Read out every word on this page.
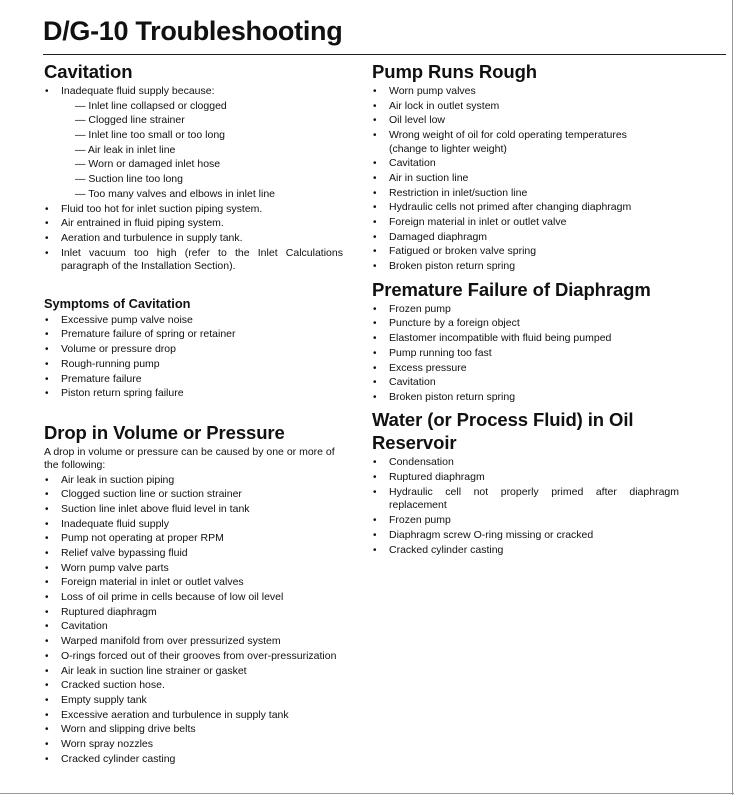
D/G-10 Troubleshooting
Cavitation
• Inadequate fluid supply because:
— Inlet line collapsed or clogged
— Clogged line strainer
— Inlet line too small or too long
— Air leak in inlet line
— Worn or damaged inlet hose
— Suction line too long
— Too many valves and elbows in inlet line
• Fluid too hot for inlet suction piping system.
• Air entrained in fluid piping system.
• Aeration and turbulence in supply tank.
• Inlet vacuum too high (refer to the Inlet Calculations paragraph of the Installation Section).
Symptoms of Cavitation
• Excessive pump valve noise
• Premature failure of spring or retainer
• Volume or pressure drop
• Rough-running pump
• Premature failure
• Piston return spring failure
Drop in Volume or Pressure
A drop in volume or pressure can be caused by one or more of the following:
• Air leak in suction piping
• Clogged suction line or suction strainer
• Suction line inlet above fluid level in tank
• Inadequate fluid supply
• Pump not operating at proper RPM
• Relief valve bypassing fluid
• Worn pump valve parts
• Foreign material in inlet or outlet valves
• Loss of oil prime in cells because of low oil level
• Ruptured diaphragm
• Cavitation
• Warped manifold from over pressurized system
• O-rings forced out of their grooves from over-pressurization
• Air leak in suction line strainer or gasket
• Cracked suction hose.
• Empty supply tank
• Excessive aeration and turbulence in supply tank
• Worn and slipping drive belts
• Worn spray nozzles
• Cracked cylinder casting
Pump Runs Rough
• Worn pump valves
• Air lock in outlet system
• Oil level low
• Wrong weight of oil for cold operating temperatures (change to lighter weight)
• Cavitation
• Air in suction line
• Restriction in inlet/suction line
• Hydraulic cells not primed after changing diaphragm
• Foreign material in inlet or outlet valve
• Damaged diaphragm
• Fatigued or broken valve spring
• Broken piston return spring
Premature Failure of Diaphragm
• Frozen pump
• Puncture by a foreign object
• Elastomer incompatible with fluid being pumped
• Pump running too fast
• Excess pressure
• Cavitation
• Broken piston return spring
Water (or Process Fluid) in Oil Reservoir
• Condensation
• Ruptured diaphragm
• Hydraulic cell not properly primed after diaphragm replacement
• Frozen pump
• Diaphragm screw O-ring missing or cracked
• Cracked cylinder casting
